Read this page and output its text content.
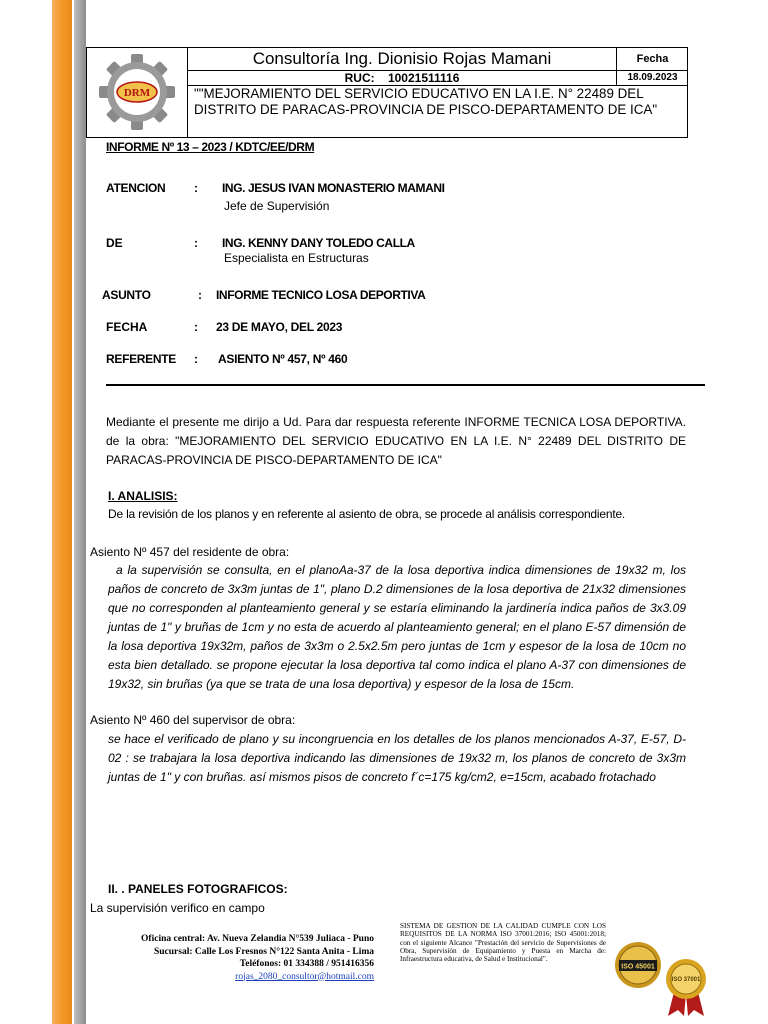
DRM
Consultoría Ing. Dionisio Rojas Mamani
RUC: 10021511116
Fecha
18.09.2023
""MEJORAMIENTO DEL SERVICIO EDUCATIVO EN LA I.E. N° 22489 DEL DISTRITO DE PARACAS-PROVINCIA DE PISCO-DEPARTAMENTO DE ICA"
INFORME Nº 13 – 2023 / KDTC/EE/DRM
ATENCION : ING. JESUS IVAN MONASTERIO MAMANI
Jefe de Supervisión
DE	: ING. KENNY DANY TOLEDO CALLA
Especialista en Estructuras
ASUNTO	: INFORME TECNICO LOSA DEPORTIVA
FECHA	: 23 DE MAYO, DEL 2023
REFERENTE : ASIENTO Nº 457, Nº 460
Mediante el presente me dirijo a Ud. Para dar respuesta referente INFORME TECNICA LOSA DEPORTIVA. de la obra: "MEJORAMIENTO DEL SERVICIO EDUCATIVO EN LA I.E. N° 22489 DEL DISTRITO DE PARACAS-PROVINCIA DE PISCO-DEPARTAMENTO DE ICA"
I. ANALISIS:
De la revisión de los planos y en referente al asiento de obra, se procede al análisis correspondiente.
Asiento Nº 457 del residente de obra:
a la supervisión se consulta, en el planoAa-37 de la losa deportiva indica dimensiones de 19x32 m, los paños de concreto de 3x3m juntas de 1", plano D.2 dimensiones de la losa deportiva de 21x32 dimensiones que no corresponden al planteamiento general y se estaría eliminando la jardinería indica paños de 3x3.09 juntas de 1" y bruñas de 1cm y no esta de acuerdo al planteamiento general; en el plano E-57 dimensión de la losa deportiva 19x32m, paños de 3x3m o 2.5x2.5m pero juntas de 1cm y espesor de la losa de 10cm no esta bien detallado. se propone ejecutar la losa deportiva tal como indica el plano A-37 con dimensiones de 19x32, sin bruñas (ya que se trata de una losa deportiva) y espesor de la losa de 15cm.
Asiento Nº 460 del supervisor de obra:
se hace el verificado de plano y su incongruencia en los detalles de los planos mencionados A-37, E-57, D-02 : se trabajara la losa deportiva indicando las dimensiones de 19x32 m, los planos de concreto de 3x3m juntas de 1" y con bruñas. así mismos pisos de concreto f´c=175 kg/cm2, e=15cm, acabado frotachado
II. . PANELES FOTOGRAFICOS:
La supervisión verifico en campo
Oficina central: Av. Nueva Zelandia N°539 Juliaca - Puno
Sucursal: Calle Los Fresnos N°122 Santa Anita - Lima
Teléfonos: 01 334388 / 951416356
rojas_2080_consultor@hotmail.com
SISTEMA DE GESTION DE LA CALIDAD CUMPLE CON LOS REQUISITOS DE LA NORMA ISO 37001:2016; ISO 45001:2018; con el siguiente Alcance "Prestación del servicio de Supervisiones de Obra, Supervisión de Equipamiento y Puesta en Marcha de: Infraestructura educativa, de Salud e Institucional".
ISO 45001
ISO 37001
